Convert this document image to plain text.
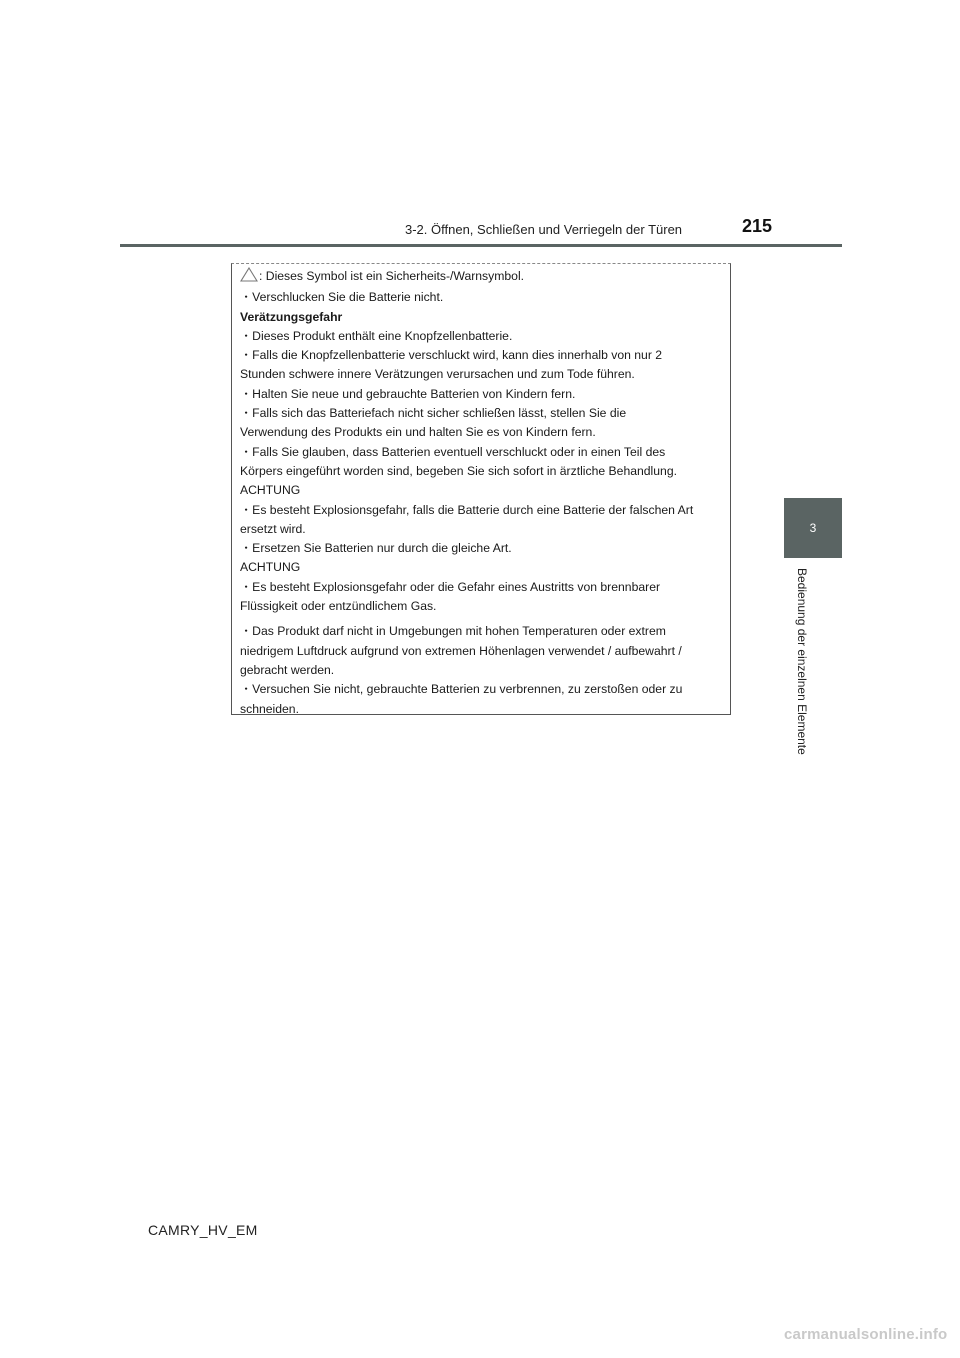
3-2. Öffnen, Schließen und Verriegeln der Türen	215
3
Bedienung der einzelnen Elemente
: Dieses Symbol ist ein Sicherheits-/Warnsymbol.
・Verschlucken Sie die Batterie nicht.
Verätzungsgefahr
・Dieses Produkt enthält eine Knopfzellenbatterie.
・Falls die Knopfzellenbatterie verschluckt wird, kann dies innerhalb von nur 2
Stunden schwere innere Verätzungen verursachen und zum Tode führen.
・Halten Sie neue und gebrauchte Batterien von Kindern fern.
・Falls sich das Batteriefach nicht sicher schließen lässt, stellen Sie die
Verwendung des Produkts ein und halten Sie es von Kindern fern.
・Falls Sie glauben, dass Batterien eventuell verschluckt oder in einen Teil des
Körpers eingeführt worden sind, begeben Sie sich sofort in ärztliche Behandlung.
ACHTUNG
・Es besteht Explosionsgefahr, falls die Batterie durch eine Batterie der falschen Art
ersetzt wird.
・Ersetzen Sie Batterien nur durch die gleiche Art.
ACHTUNG
・Es besteht Explosionsgefahr oder die Gefahr eines Austritts von brennbarer
Flüssigkeit oder entzündlichem Gas.
・Das Produkt darf nicht in Umgebungen mit hohen Temperaturen oder extrem
niedrigem Luftdruck aufgrund von extremen Höhenlagen verwendet / aufbewahrt /
gebracht werden.
・Versuchen Sie nicht, gebrauchte Batterien zu verbrennen, zu zerstoßen oder zu
schneiden.
CAMRY_HV_EM
carmanualsonline.info
